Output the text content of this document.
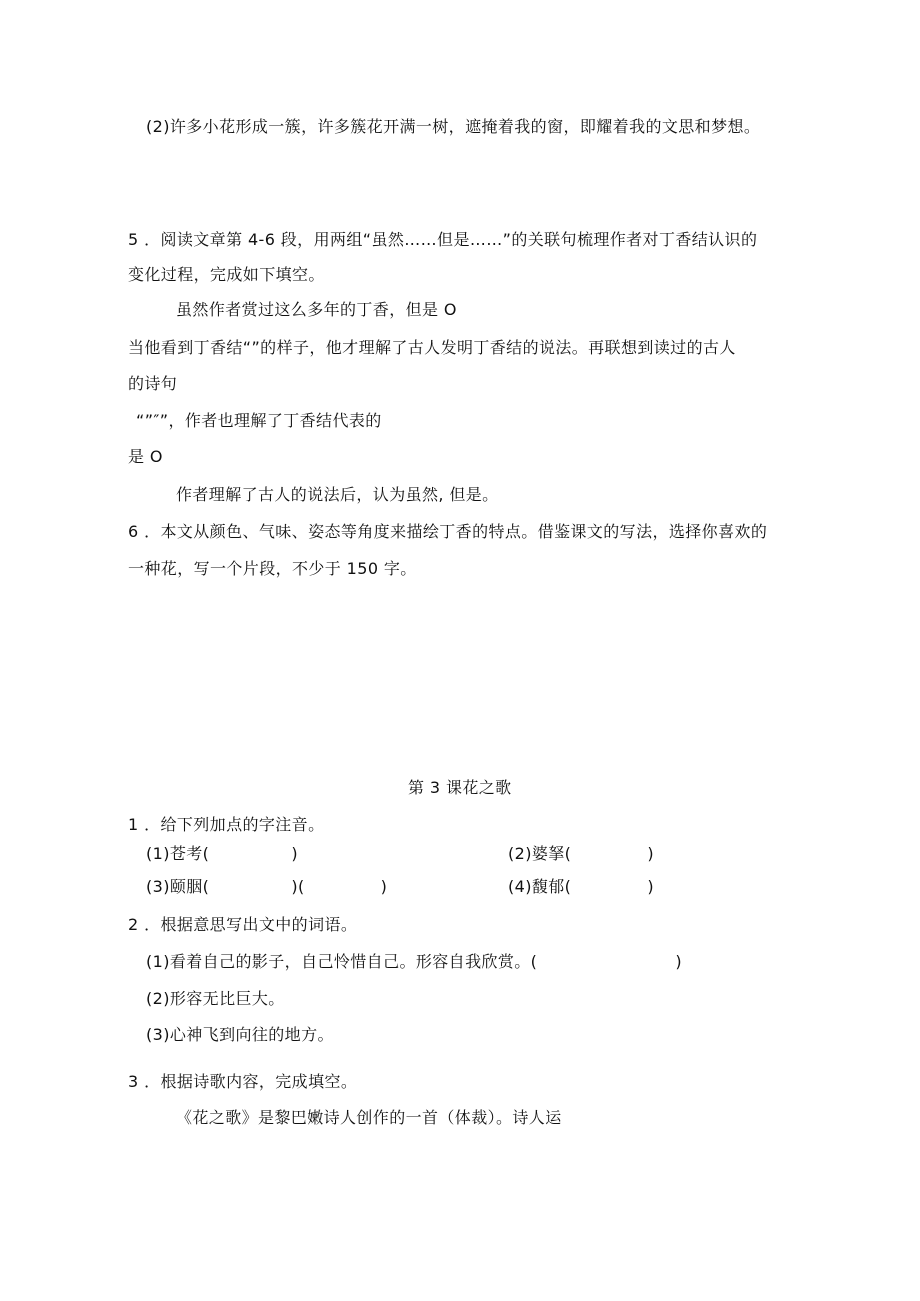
(2)许多小花形成一簇，许多簇花开满一树，遮掩着我的窗，即耀着我的文思和梦想。
5 ．阅读文章第 4-6 段，用两组“虽然……但是……”的关联句梳理作者对丁香结认识的
变化过程，完成如下填空。
虽然作者赏过这么多年的丁香，但是 O
当他看到丁香结“”的样子，他才理解了古人发明丁香结的说法。再联想到读过的古人
的诗句
“”″”，作者也理解了丁香结代表的
是 O
作者理解了古人的说法后，认为虽然, 但是。
6 ．本文从颜色、气味、姿态等角度来描绘丁香的特点。借鉴课文的写法，选择你喜欢的
一种花，写一个片段，不少于 150 字。
第 3 课花之歌
1 ．给下列加点的字注音。
(1)苍考(	)	(2)婆拏(	)
(3)颐胭(	)(	)	(4)馥郁(	)
2 ．根据意思写出文中的词语。
(1)看着自己的影子，自己怜惜自己。形容自我欣赏。(	)
(2)形容无比巨大。
(3)心神飞到向往的地方。
3 ．根据诗歌内容，完成填空。
《花之歌》是黎巴嫩诗人创作的一首（体裁）。诗人运
